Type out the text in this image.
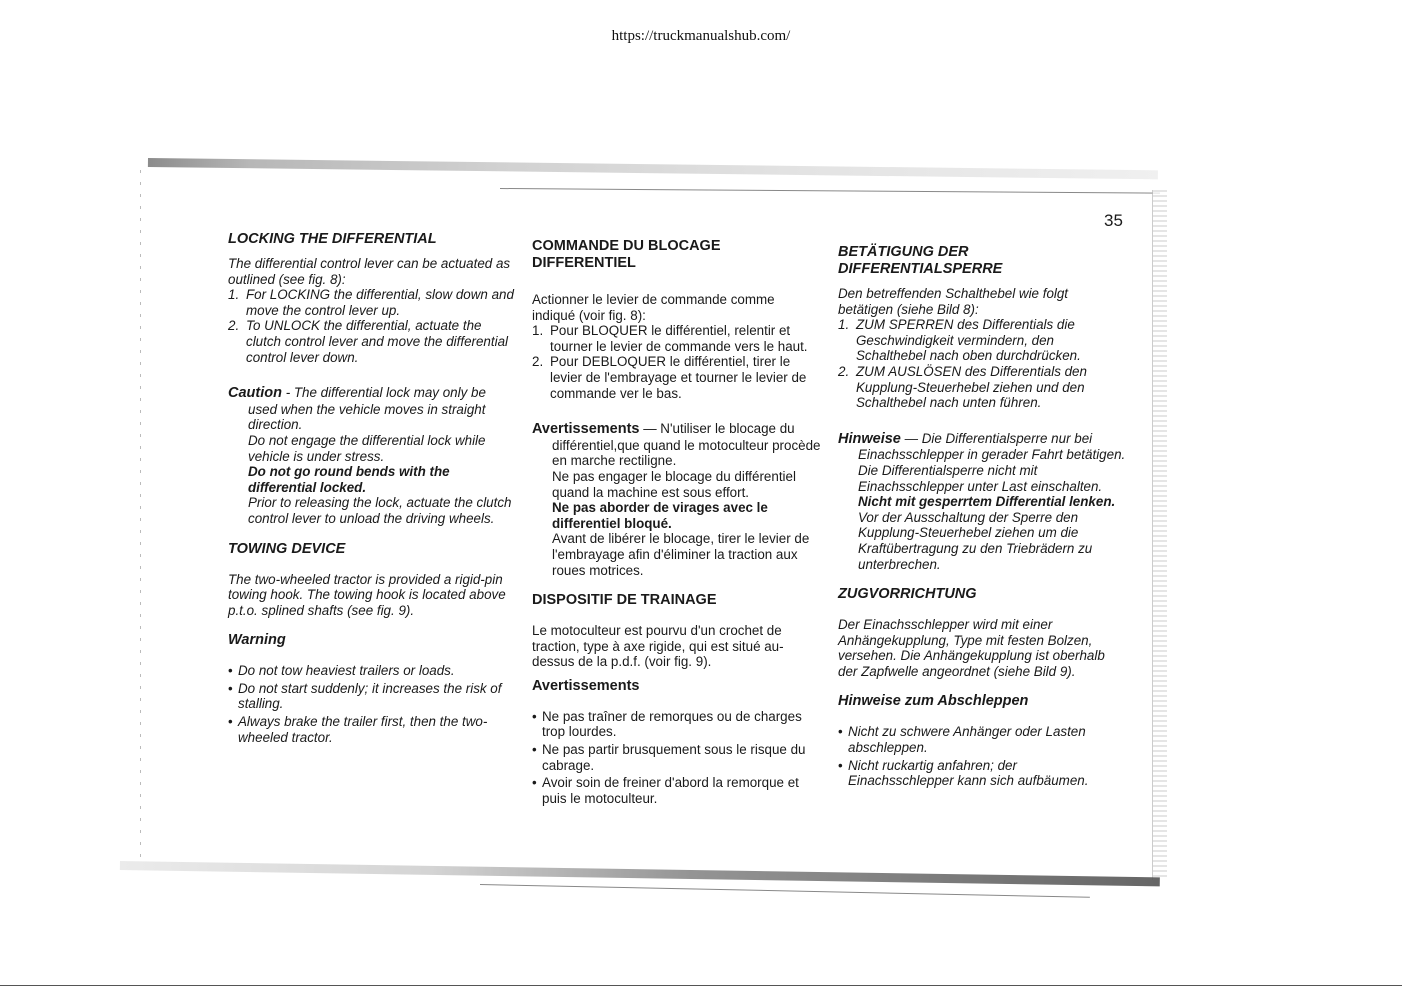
https://truckmanualshub.com/
35

LOCKING THE DIFFERENTIAL

The differential control lever can be actuated as outlined (see fig. 8):

1. For LOCKING the differential, slow down and move the control lever up.
2. To UNLOCK the differential, actuate the clutch control lever and move the differential control lever down.

Caution - The differential lock may only be used when the vehicle moves in straight direction.

Do not engage the differential lock while vehicle is under stress.

Do not go round bends with the differential locked.

Prior to releasing the lock, actuate the clutch control lever to unload the driving wheels.

TOWING DEVICE

The two-wheeled tractor is provided a rigid-pin towing hook. The towing hook is located above p.t.o. splined shafts (see fig. 9).

Warning

• Do not tow heaviest trailers or loads.
• Do not start suddenly; it increases the risk of stalling.
• Always brake the trailer first, then the two-wheeled tractor.

COMMANDE DU BLOCAGE DIFFERENTIEL

Actionner le levier de commande comme indiqué (voir fig. 8):

1. Pour BLOQUER le différentiel, relentir et tourner le levier de commande vers le haut.
2. Pour DEBLOQUER le différentiel, tirer le levier de l'embrayage et tourner le levier de commande ver le bas.

Avertissements — N'utiliser le blocage du différentiel,que quand le motoculteur procède en marche rectiligne.

Ne pas engager le blocage du différentiel quand la machine est sous effort.

Ne pas aborder de virages avec le differentiel bloqué.

Avant de libérer le blocage, tirer le levier de l'embrayage afin d'éliminer la traction aux roues motrices.

DISPOSITIF DE TRAINAGE

Le motoculteur est pourvu d'un crochet de traction, type à axe rigide, qui est situé au-dessus de la p.d.f. (voir fig. 9).

Avertissements

• Ne pas traîner de remorques ou de charges trop lourdes.
• Ne pas partir brusquement sous le risque du cabrage.
• Avoir soin de freiner d'abord la remorque et puis le motoculteur.

BETÄTIGUNG DER DIFFERENTIALSPERRE

Den betreffenden Schalthebel wie folgt betätigen (siehe Bild 8):

1. ZUM SPERREN des Differentials die Geschwindigkeit vermindern, den Schalthebel nach oben durchdrücken.
2. ZUM AUSLÖSEN des Differentials den Kupplung-Steuerhebel ziehen und den Schalthebel nach unten führen.

Hinweise — Die Differentialsperre nur bei Einachsschlepper in gerader Fahrt betätigen.

Die Differentialsperre nicht mit Einachsschlepper unter Last einschalten.

Nicht mit gesperrtem Differential lenken.

Vor der Ausschaltung der Sperre den Kupplung-Steuerhebel ziehen um die Kraftübertragung zu den Triebrädern zu unterbrechen.

ZUGVORRICHTUNG

Der Einachsschlepper wird mit einer Anhängekupplung, Type mit festen Bolzen, versehen. Die Anhängekupplung ist oberhalb der Zapfwelle angeordnet (siehe Bild 9).

Hinweise zum Abschleppen

• Nicht zu schwere Anhänger oder Lasten abschleppen.
• Nicht ruckartig anfahren; der Einachsschlepper kann sich aufbäumen.
